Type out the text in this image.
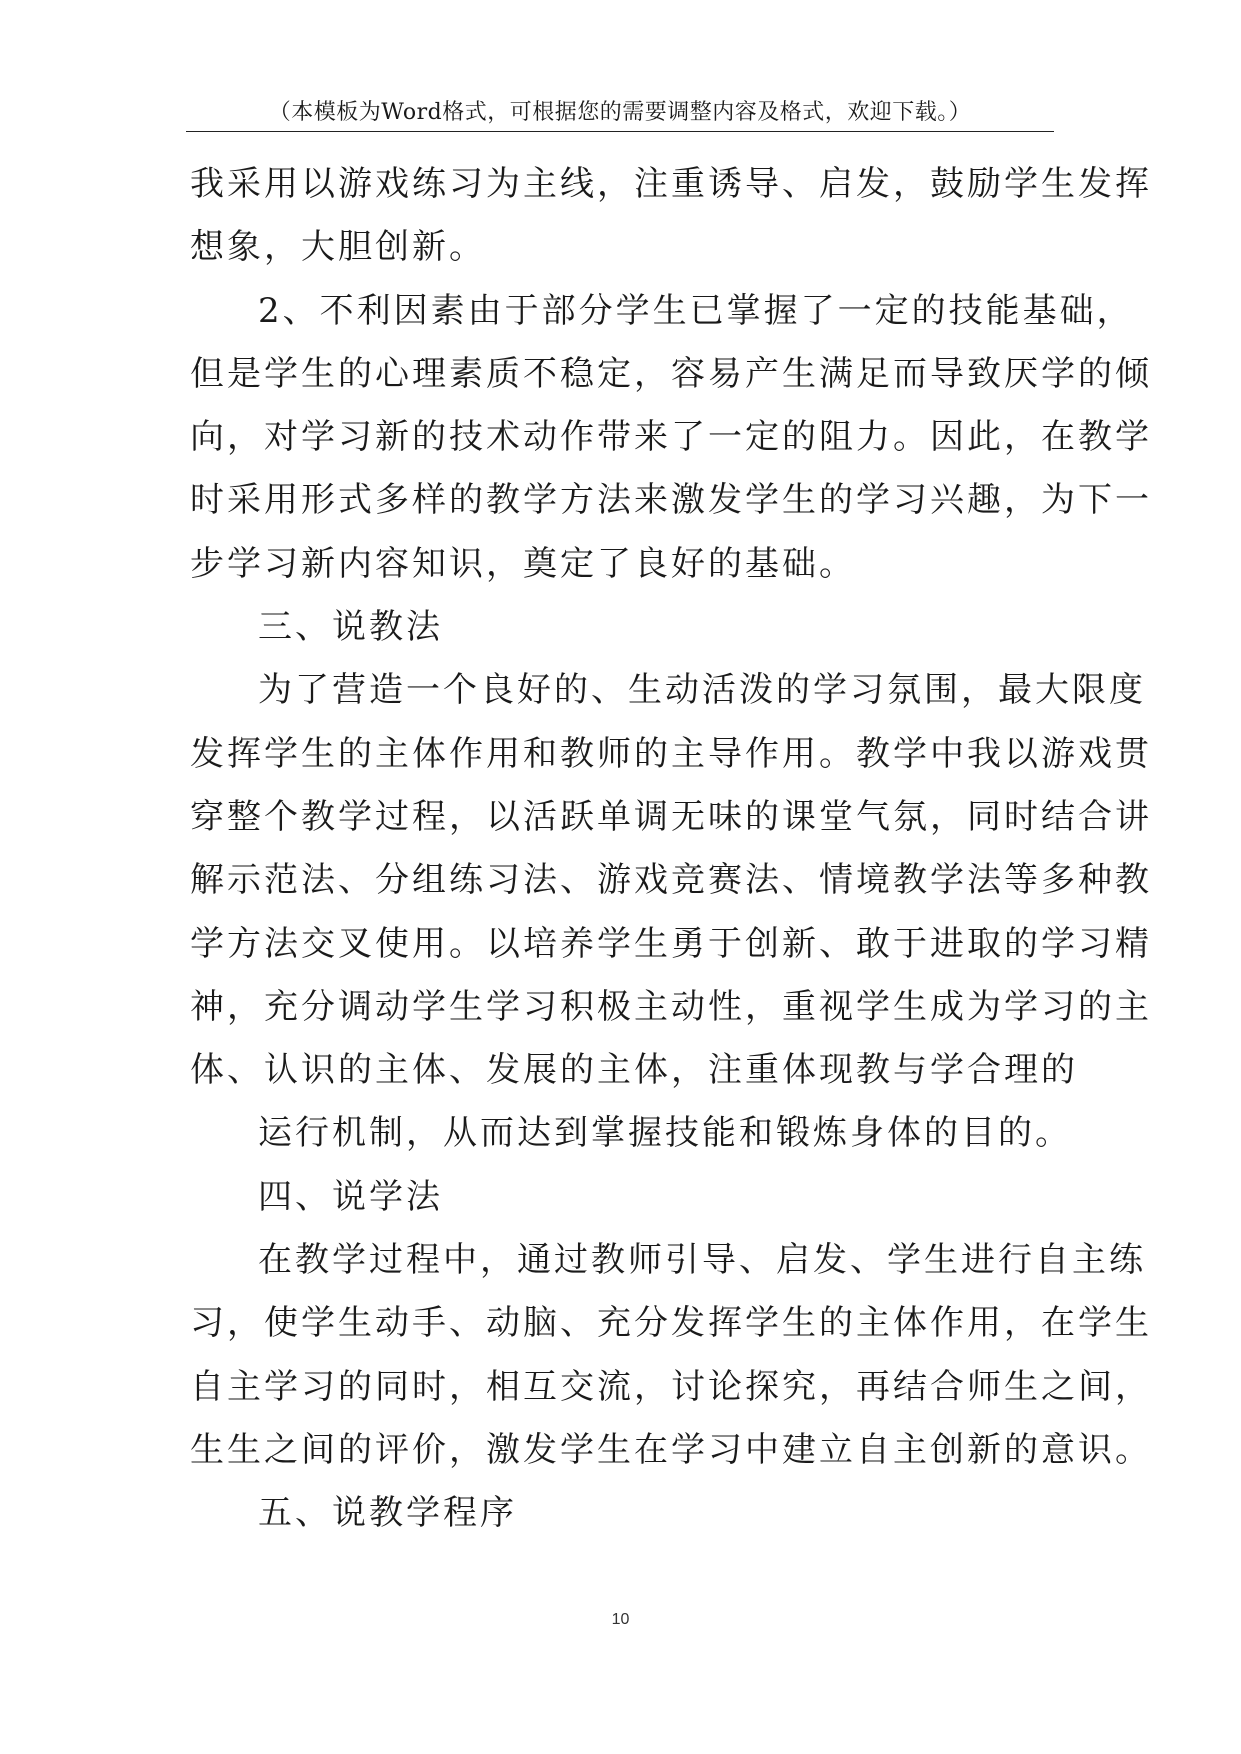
（本模板为Word格式，可根据您的需要调整内容及格式，欢迎下载。）

我采用以游戏练习为主线，注重诱导、启发，鼓励学生发挥

想象，大胆创新。

2、不利因素由于部分学生已掌握了一定的技能基础，

但是学生的心理素质不稳定，容易产生满足而导致厌学的倾

向，对学习新的技术动作带来了一定的阻力。因此，在教学

时采用形式多样的教学方法来激发学生的学习兴趣，为下一

步学习新内容知识，奠定了良好的基础。

三、说教法

为了营造一个良好的、生动活泼的学习氛围，最大限度

发挥学生的主体作用和教师的主导作用。教学中我以游戏贯

穿整个教学过程，以活跃单调无味的课堂气氛，同时结合讲

解示范法、分组练习法、游戏竞赛法、情境教学法等多种教

学方法交叉使用。以培养学生勇于创新、敢于进取的学习精

神，充分调动学生学习积极主动性，重视学生成为学习的主

体、认识的主体、发展的主体，注重体现教与学合理的

运行机制，从而达到掌握技能和锻炼身体的目的。

四、说学法

在教学过程中，通过教师引导、启发、学生进行自主练

习，使学生动手、动脑、充分发挥学生的主体作用，在学生

自主学习的同时，相互交流，讨论探究，再结合师生之间，

生生之间的评价，激发学生在学习中建立自主创新的意识。

五、说教学程序

10
